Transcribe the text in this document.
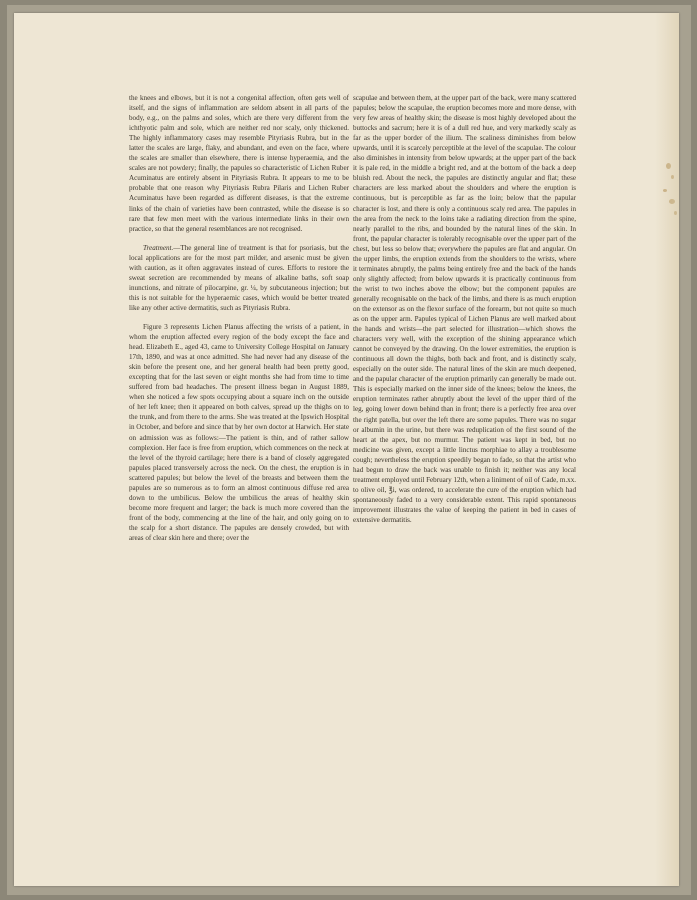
the knees and elbows, but it is not a congenital affection, often gets well of itself, and the signs of inflammation are seldom absent in all parts of the body, e.g., on the palms and soles, which are there very different from the ichthyotic palm and sole, which are neither red nor scaly, only thickened. The highly inflammatory cases may resemble Pityriasis Rubra, but in the latter the scales are large, flaky, and abundant, and even on the face, where the scales are smaller than elsewhere, there is intense hyperaemia, and the scales are not powdery; finally, the papules so characteristic of Lichen Ruber Acuminatus are entirely absent in Pityriasis Rubra. It appears to me to be probable that one reason why Pityriasis Rubra Pilaris and Lichen Ruber Acuminatus have been regarded as different diseases, is that the extreme links of the chain of varieties have been contrasted, while the disease is so rare that few men meet with the various intermediate links in their own practice, so that the general resemblances are not recognised.

Treatment.—The general line of treatment is that for psoriasis, but the local applications are for the most part milder, and arsenic must be given with caution, as it often aggravates instead of cures. Efforts to restore the sweat secretion are recommended by means of alkaline baths, soft soap inunctions, and nitrate of pilocarpine, gr. ¼, by subcutaneous injection; but this is not suitable for the hyperaemic cases, which would be better treated like any other active dermatitis, such as Pityriasis Rubra.

Figure 3 represents Lichen Planus affecting the wrists of a patient, in whom the eruption affected every region of the body except the face and head. Elizabeth E., aged 43, came to University College Hospital on January 17th, 1890, and was at once admitted. She had never had any disease of the skin before the present one, and her general health had been pretty good, excepting that for the last seven or eight months she had from time to time suffered from bad headaches. The present illness began in August 1889, when she noticed a few spots occupying about a square inch on the outside of her left knee; then it appeared on both calves, spread up the thighs on to the trunk, and from there to the arms. She was treated at the Ipswich Hospital in October, and before and since that by her own doctor at Harwich. Her state on admission was as follows:—The patient is thin, and of rather sallow complexion. Her face is free from eruption, which commences on the neck at the level of the thyroid cartilage; here there is a band of closely aggregated papules placed transversely across the neck. On the chest, the eruption is in scattered papules; but below the level of the breasts and between them the papules are so numerous as to form an almost continuous diffuse red area down to the umbilicus. Below the umbilicus the areas of healthy skin become more frequent and larger; the back is much more covered than the front of the body, commencing at the line of the hair, and only going on to the scalp for a short distance. The papules are densely crowded, but with areas of clear skin here and there; over the

scapulae and between them, at the upper part of the back, were many scattered papules; below the scapulae, the eruption becomes more and more dense, with very few areas of healthy skin; the disease is most highly developed about the buttocks and sacrum; here it is of a dull red hue, and very markedly scaly as far as the upper border of the ilium. The scaliness diminishes from below upwards, until it is scarcely perceptible at the level of the scapulae. The colour also diminishes in intensity from below upwards; at the upper part of the back it is pale red, in the middle a bright red, and at the bottom of the back a deep bluish red. About the neck, the papules are distinctly angular and flat; these characters are less marked about the shoulders and where the eruption is continuous, but is perceptible as far as the loin; below that the papular character is lost, and there is only a continuous scaly red area. The papules in the area from the neck to the loins take a radiating direction from the spine, nearly parallel to the ribs, and bounded by the natural lines of the skin. In front, the papular character is tolerably recognisable over the upper part of the chest, but less so below that; everywhere the papules are flat and angular. On the upper limbs, the eruption extends from the shoulders to the wrists, where it terminates abruptly, the palms being entirely free and the back of the hands only slightly affected; from below upwards it is practically continuous from the wrist to two inches above the elbow; but the component papules are generally recognisable on the back of the limbs, and there is as much eruption on the extensor as on the flexor surface of the forearm, but not quite so much as on the upper arm. Papules typical of Lichen Planus are well marked about the hands and wrists—the part selected for illustration—which shows the characters very well, with the exception of the shining appearance which cannot be conveyed by the drawing. On the lower extremities, the eruption is continuous all down the thighs, both back and front, and is distinctly scaly, especially on the outer side. The natural lines of the skin are much deepened, and the papular character of the eruption primarily can generally be made out. This is especially marked on the inner side of the knees; below the knees, the eruption terminates rather abruptly about the level of the upper third of the leg, going lower down behind than in front; there is a perfectly free area over the right patella, but over the left there are some papules. There was no sugar or albumin in the urine, but there was reduplication of the first sound of the heart at the apex, but no murmur. The patient was kept in bed, but no medicine was given, except a little linctus morphiae to allay a troublesome cough; nevertheless the eruption speedily began to fade, so that the artist who had begun to draw the back was unable to finish it; neither was any local treatment employed until February 12th, when a liniment of oil of Cade, m.xx. to olive oil, ℥i, was ordered, to accelerate the cure of the eruption which had spontaneously faded to a very considerable extent. This rapid spontaneous improvement illustrates the value of keeping the patient in bed in cases of extensive dermatitis.
